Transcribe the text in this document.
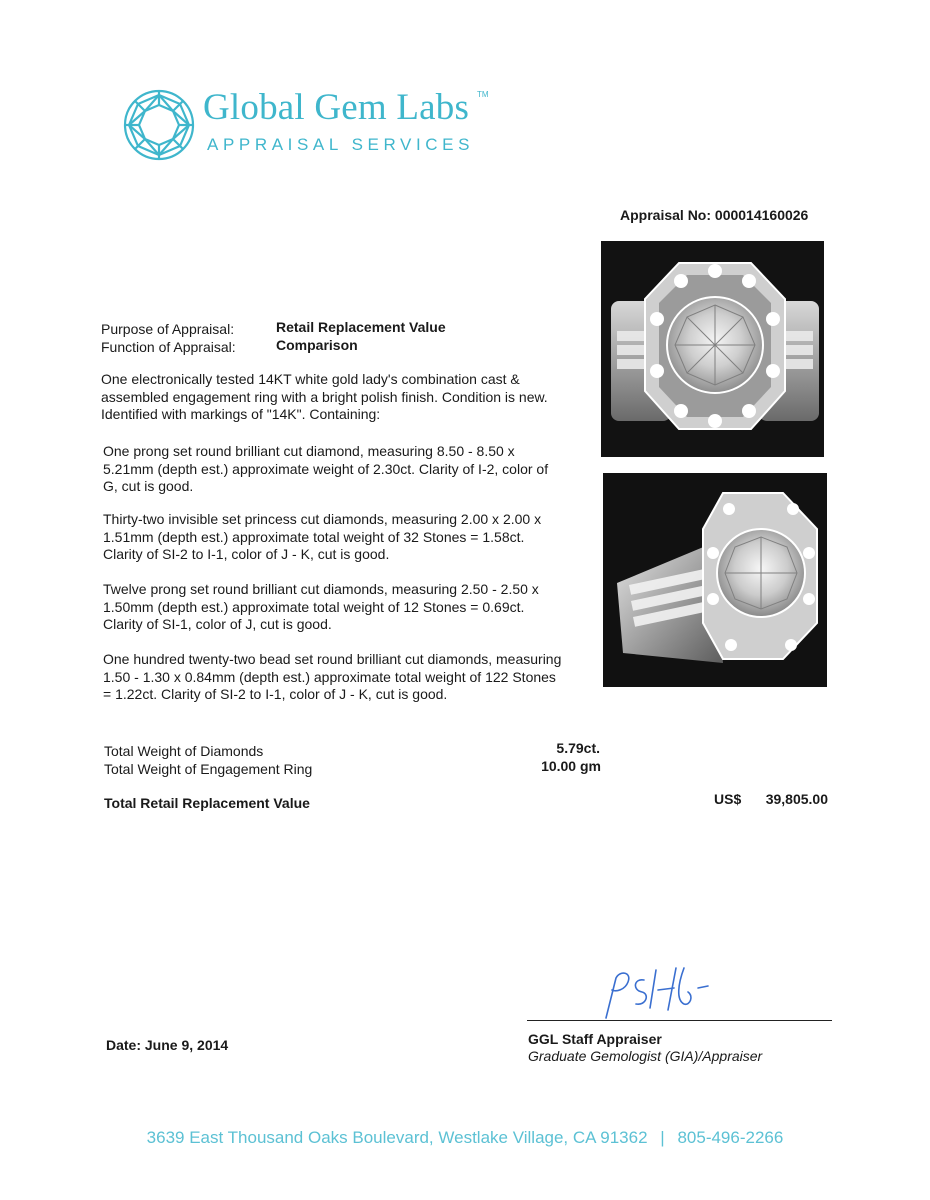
Global Gem Labs TM
APPRAISAL SERVICES
Appraisal No: 000014160026
Purpose of Appraisal:	Retail Replacement Value
Function of Appraisal:	Comparison
One electronically tested 14KT white gold lady's combination cast & assembled engagement ring with a bright polish finish. Condition is new. Identified with markings of "14K". Containing:
One prong set round brilliant cut diamond, measuring 8.50 - 8.50 x 5.21mm (depth est.) approximate weight of 2.30ct. Clarity of I-2, color of G, cut is good.
Thirty-two invisible set princess cut diamonds, measuring 2.00 x 2.00 x 1.51mm (depth est.) approximate total weight of 32 Stones = 1.58ct. Clarity of SI-2 to I-1, color of J - K, cut is good.
Twelve prong set round brilliant cut diamonds, measuring 2.50 - 2.50 x 1.50mm (depth est.) approximate total weight of 12 Stones = 0.69ct. Clarity of SI-1, color of J, cut is good.
One hundred twenty-two bead set round brilliant cut diamonds, measuring 1.50 - 1.30 x 0.84mm (depth est.) approximate total weight of 122 Stones = 1.22ct. Clarity of SI-2 to I-1, color of J - K, cut is good.
Total Weight of Diamonds	5.79ct.
Total Weight of Engagement Ring	10.00 gm
Total Retail Replacement Value	US$	39,805.00
Date: June 9, 2014	GGL Staff Appraiser
Graduate Gemologist (GIA)/Appraiser
3639 East Thousand Oaks Boulevard, Westlake Village, CA 91362 | 805-496-2266
